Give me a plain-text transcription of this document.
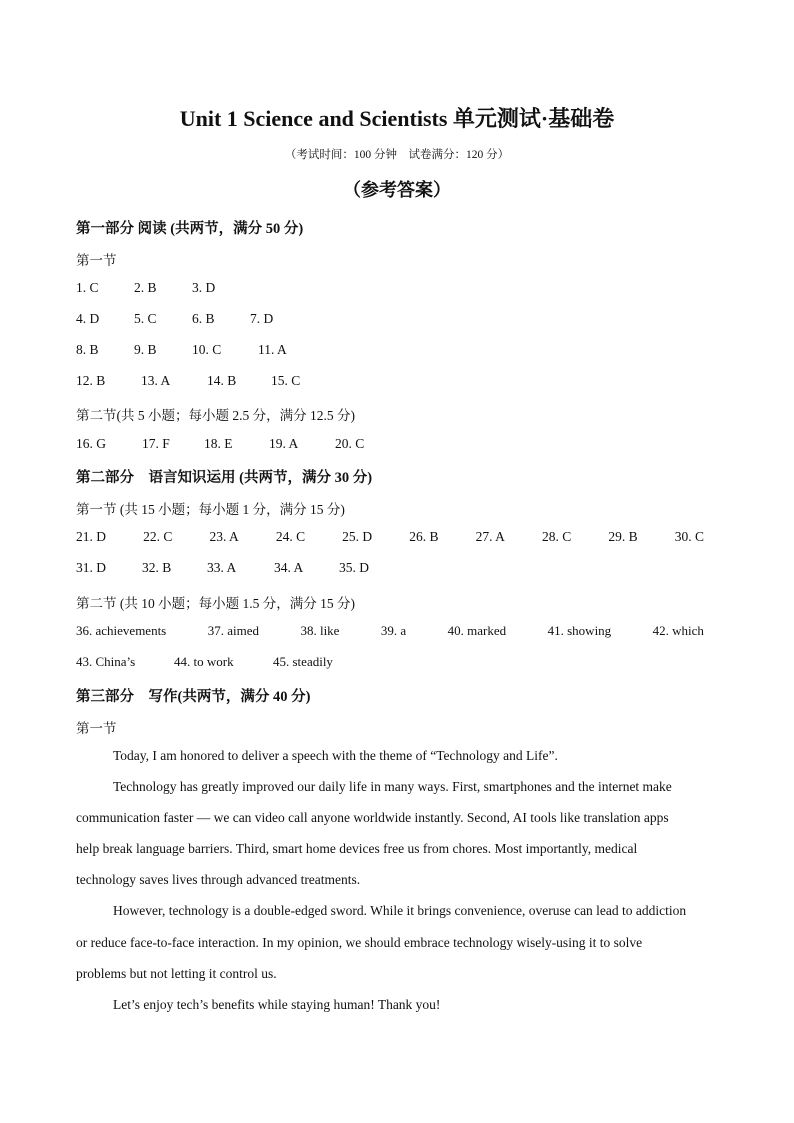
Unit 1 Science and Scientists 单元测试·基础卷
（考试时间：100 分钟　试卷满分：120 分）
（参考答案）
第一部分 阅读 (共两节，满分 50 分)
第一节
1. C	2. B	3. D
4. D	5. C	6. B	7. D
8. B	9. B	10. C	11. A
12. B	13. A	14. B	15. C
第二节(共 5 小题；每小题 2.5 分，满分 12.5 分)
16. G	17. F	18. E	19. A	20. C
第二部分　语言知识运用 (共两节，满分 30 分)
第一节 (共 15 小题；每小题 1 分，满分 15 分)
21. D	22. C	23. A	24. C	25. D	26. B	27. A	28. C	29. B	30. C
31. D	32. B	33. A	34. A	35. D
第二节 (共 10 小题；每小题 1.5 分，满分 15 分)
36. achievements	37. aimed	38. like	39. a	40. marked	41. showing	42. which
43. China’s	44. to work	45. steadily
第三部分　写作(共两节，满分 40 分)
第一节
Today, I am honored to deliver a speech with the theme of “Technology and Life”.
Technology has greatly improved our daily life in many ways. First, smartphones and the internet make
communication faster — we can video call anyone worldwide instantly. Second, AI tools like translation apps
help break language barriers. Third, smart home devices free us from chores. Most importantly, medical
technology saves lives through advanced treatments.
However, technology is a double-edged sword. While it brings convenience, overuse can lead to addiction
or reduce face-to-face interaction. In my opinion, we should embrace technology wisely-using it to solve
problems but not letting it control us.
Let’s enjoy tech’s benefits while staying human! Thank you!
